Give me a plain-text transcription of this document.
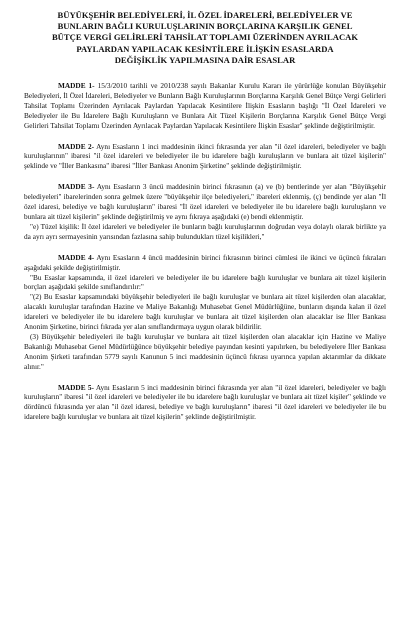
BÜYÜKŞEHİR BELEDİYELERİ, İL ÖZEL İDARELERİ, BELEDİYELER VE
BUNLARIN BAĞLI KURULUŞLARININ BORÇLARINA KARŞILIK GENEL
BÜTÇE VERGİ GELİRLERİ TAHSİLAT TOPLAMI ÜZERİNDEN AYRILACAK
PAYLARDAN YAPILACAK KESİNTİLERE İLİŞKİN ESASLARDA
DEĞİŞİKLİK YAPILMASINA DAİR ESASLAR

MADDE 1- 15/3/2010 tarihli ve 2010/238 sayılı Bakanlar Kurulu Kararı ile yürürlüğe konulan Büyükşehir Belediyeleri, İl Özel İdareleri, Belediyeler ve Bunların Bağlı Kuruluşlarının Borçlarına Karşılık Genel Bütçe Vergi Gelirleri Tahsilat Toplamı Üzerinden Ayrılacak Paylardan Yapılacak Kesintilere İlişkin Esasların başlığı "İl Özel İdareleri ve Belediyeler ile Bu İdarelere Bağlı Kuruluşların ve Bunlara Ait Tüzel Kişilerin Borçlarına Karşılık Genel Bütçe Vergi Gelirleri Tahsilat Toplamı Üzerinden Ayrılacak Paylardan Yapılacak Kesintilere İlişkin Esaslar" şeklinde değiştirilmiştir.

MADDE 2- Aynı Esasların 1 inci maddesinin ikinci fıkrasında yer alan "il özel idareleri, belediyeler ve bağlı kuruluşlarının" ibaresi "il özel idareleri ve belediyeler ile bu idarelere bağlı kuruluşların ve bunlara ait tüzel kişilerin" şeklinde ve "İller Bankasına" ibaresi "İller Bankası Anonim Şirketine" şeklinde değiştirilmiştir.

MADDE 3- Aynı Esasların 3 üncü maddesinin birinci fıkrasının (a) ve (b) bentlerinde yer alan "Büyükşehir belediyeleri" ibarelerinden sonra gelmek üzere "büyükşehir ilçe belediyeleri," ibareleri eklenmiş, (ç) bendinde yer alan "İl özel idaresi, belediye ve bağlı kuruluşların" ibaresi "İl özel idareleri ve belediyeler ile bu idarelere bağlı kuruluşların ve bunlara ait tüzel kişilerin" şeklinde değiştirilmiş ve aynı fıkraya aşağıdaki (e) bendi eklenmiştir.

"e) Tüzel kişilik: İl özel idareleri ve belediyeler ile bunların bağlı kuruluşlarının doğrudan veya dolaylı olarak birlikte ya da ayrı ayrı sermayesinin yarısından fazlasına sahip bulundukları tüzel kişilikleri,"

MADDE 4- Aynı Esasların 4 üncü maddesinin birinci fıkrasının birinci cümlesi ile ikinci ve üçüncü fıkraları aşağıdaki şekilde değiştirilmiştir.

"Bu Esaslar kapsamında, il özel idareleri ve belediyeler ile bu idarelere bağlı kuruluşlar ve bunlara ait tüzel kişilerin borçları aşağıdaki şekilde sınıflandırılır:"

"(2) Bu Esaslar kapsamındaki büyükşehir belediyeleri ile bağlı kuruluşlar ve bunlara ait tüzel kişilerden olan alacaklar, alacaklı kuruluşlar tarafından Hazine ve Maliye Bakanlığı Muhasebat Genel Müdürlüğüne, bunların dışında kalan il özel idareleri ve belediyeler ile bu idarelere bağlı kuruluşlar ve bunlara ait tüzel kişilerden olan alacaklar ise İller Bankası Anonim Şirketine, birinci fıkrada yer alan sınıflandırmaya uygun olarak bildirilir.

(3) Büyükşehir belediyeleri ile bağlı kuruluşlar ve bunlara ait tüzel kişilerden olan alacaklar için Hazine ve Maliye Bakanlığı Muhasebat Genel Müdürlüğünce büyükşehir belediye payından kesinti yapılırken, bu belediyelere İller Bankası Anonim Şirketi tarafından 5779 sayılı Kanunun 5 inci maddesinin üçüncü fıkrası uyarınca yapılan aktarımlar da dikkate alınır."

MADDE 5- Aynı Esasların 5 inci maddesinin birinci fıkrasında yer alan "il özel idareleri, belediyeler ve bağlı kuruluşların" ibaresi "il özel idareleri ve belediyeler ile bu idarelere bağlı kuruluşlar ve bunlara ait tüzel kişiler" şeklinde ve dördüncü fıkrasında yer alan "il özel idaresi, belediye ve bağlı kuruluşların" ibaresi "il özel idareleri ve belediyeler ile bu idarelere bağlı kuruluşlar ve bunlara ait tüzel kişilerin" şeklinde değiştirilmiştir.
